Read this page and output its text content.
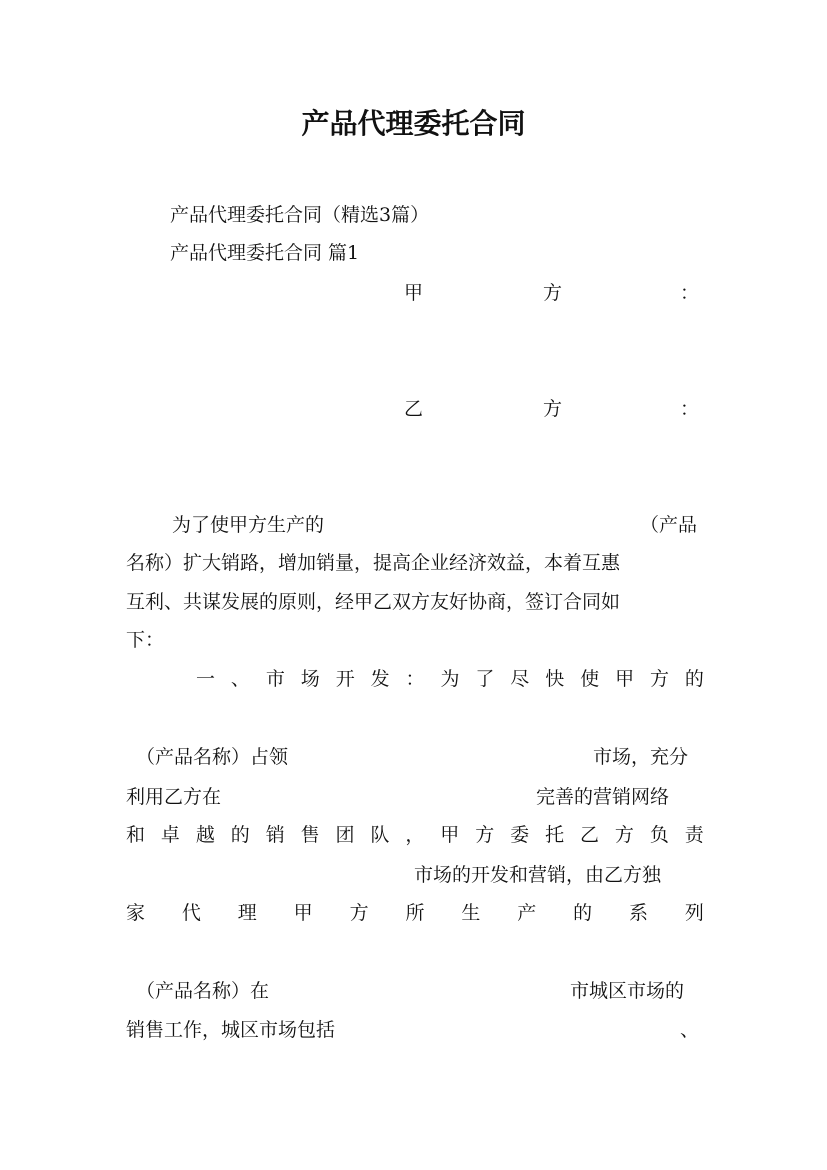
产品代理委托合同
产品代理委托合同（精选3篇）
产品代理委托合同 篇1
甲	方	：
乙	方	：
为了使甲方生产的	（产品
名称）扩大销路，增加销量，提高企业经济效益，本着互惠
互利、共谋发展的原则，经甲乙双方友好协商，签订合同如
下：
一 、 市 场 开 发 ： 为 了 尽 快 使 甲 方 的
（产品名称）占领	市场，充分
利用乙方在	完善的营销网络
和 卓 越 的 销 售 团 队 ， 甲 方 委 托 乙 方 负 责
市场的开发和营销，由乙方独
家 代 理 甲 方 所 生 产 的 系 列
（产品名称）在	市城区市场的
销售工作，城区市场包括	、
